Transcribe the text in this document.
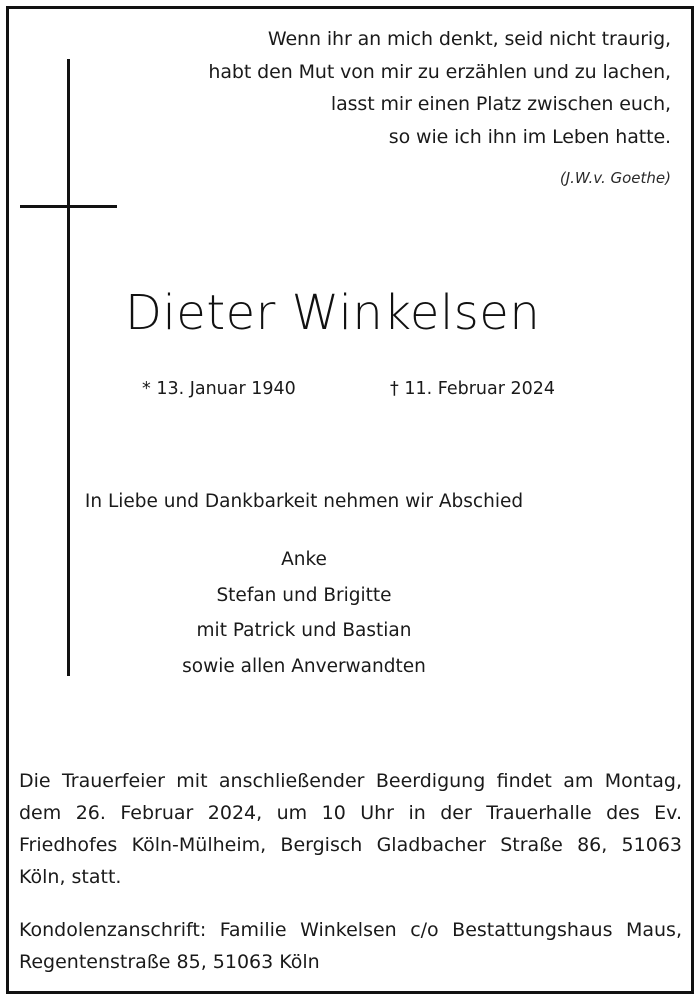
Wenn ihr an mich denkt, seid nicht traurig,
habt den Mut von mir zu erzählen und zu lachen,
lasst mir einen Platz zwischen euch,
so wie ich ihn im Leben hatte.
(J.W.v. Goethe)
Dieter Winkelsen
* 13. Januar 1940	† 11. Februar 2024
In Liebe und Dankbarkeit nehmen wir Abschied
Anke
Stefan und Brigitte
mit Patrick und Bastian
sowie allen Anverwandten
Die Trauerfeier mit anschließender Beerdigung findet am Montag, dem 26. Februar 2024, um 10 Uhr in der Trauerhalle des Ev. Friedhofes Köln-Mülheim, Bergisch Gladbacher Straße 86, 51063 Köln, statt.
Kondolenzanschrift: Familie Winkelsen c/o Bestattungshaus Maus, Regentenstraße 85, 51063 Köln
